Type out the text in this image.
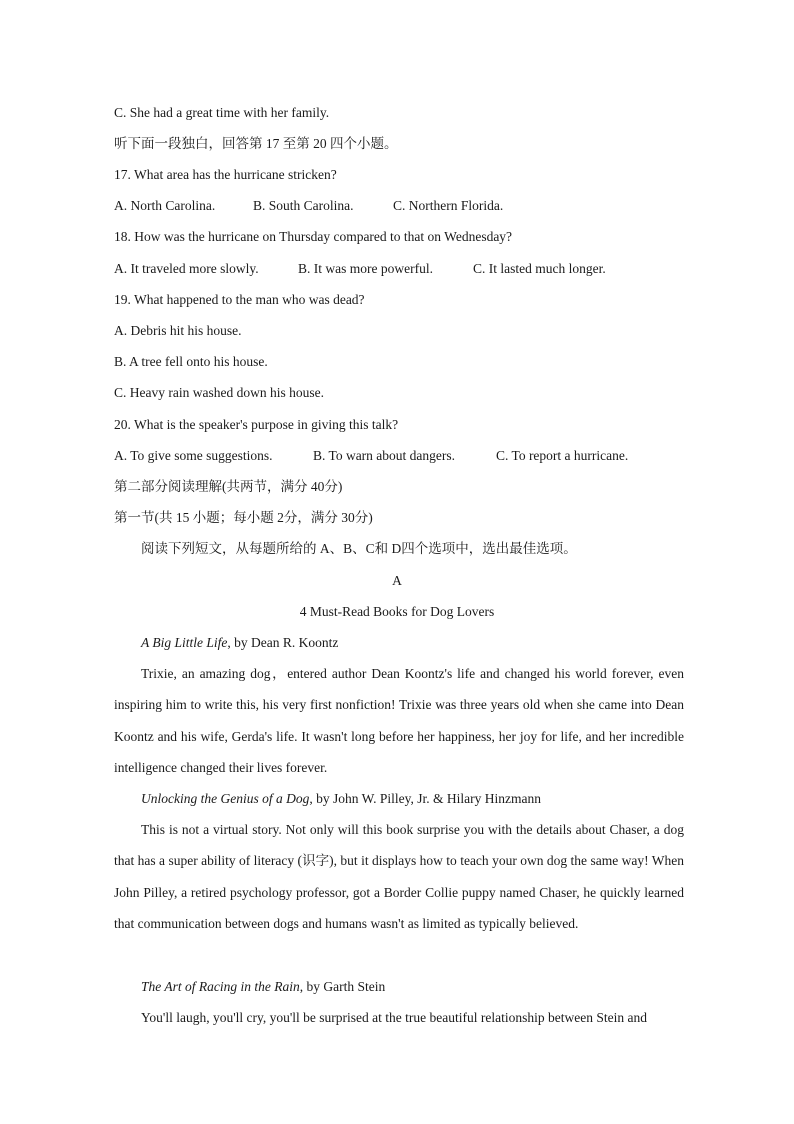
C. She had a great time with her family.
听下面一段独白，回答第 17 至第 20 四个小题。
17. What area has the hurricane stricken?
A. North Carolina.	B. South Carolina.	C. Northern Florida.
18. How was the hurricane on Thursday compared to that on Wednesday?
A. It traveled more slowly.	B. It was more powerful.	C. It lasted much longer.
19. What happened to the man who was dead?
A. Debris hit his house.
B. A tree fell onto his house.
C. Heavy rain washed down his house.
20. What is the speaker's purpose in giving this talk?
A. To give some suggestions.	B. To warn about dangers.	C. To report a hurricane.
第二部分阅读理解(共两节，满分 40分)
第一节(共 15 小题；每小题 2分，满分 30分)
阅读下列短文，从每题所给的 A、B、C和 D四个选项中，选出最佳选项。
A
4 Must-Read Books for Dog Lovers
A Big Little Life, by Dean R. Koontz
Trixie, an amazing dog，entered author Dean Koontz's life and changed his world forever, even inspiring him to write this, his very first nonfiction! Trixie was three years old when she came into Dean Koontz and his wife, Gerda's life. It wasn't long before her happiness, her joy for life, and her incredible intelligence changed their lives forever.
Unlocking the Genius of a Dog, by John W. Pilley, Jr. & Hilary Hinzmann
This is not a virtual story. Not only will this book surprise you with the details about Chaser, a dog that has a super ability of literacy (识字), but it displays how to teach your own dog the same way! When John Pilley, a retired psychology professor, got a Border Collie puppy named Chaser, he quickly learned that communication between dogs and humans wasn't as limited as typically believed.
The Art of Racing in the Rain, by Garth Stein
You'll laugh, you'll cry, you'll be surprised at the true beautiful relationship between Stein and
